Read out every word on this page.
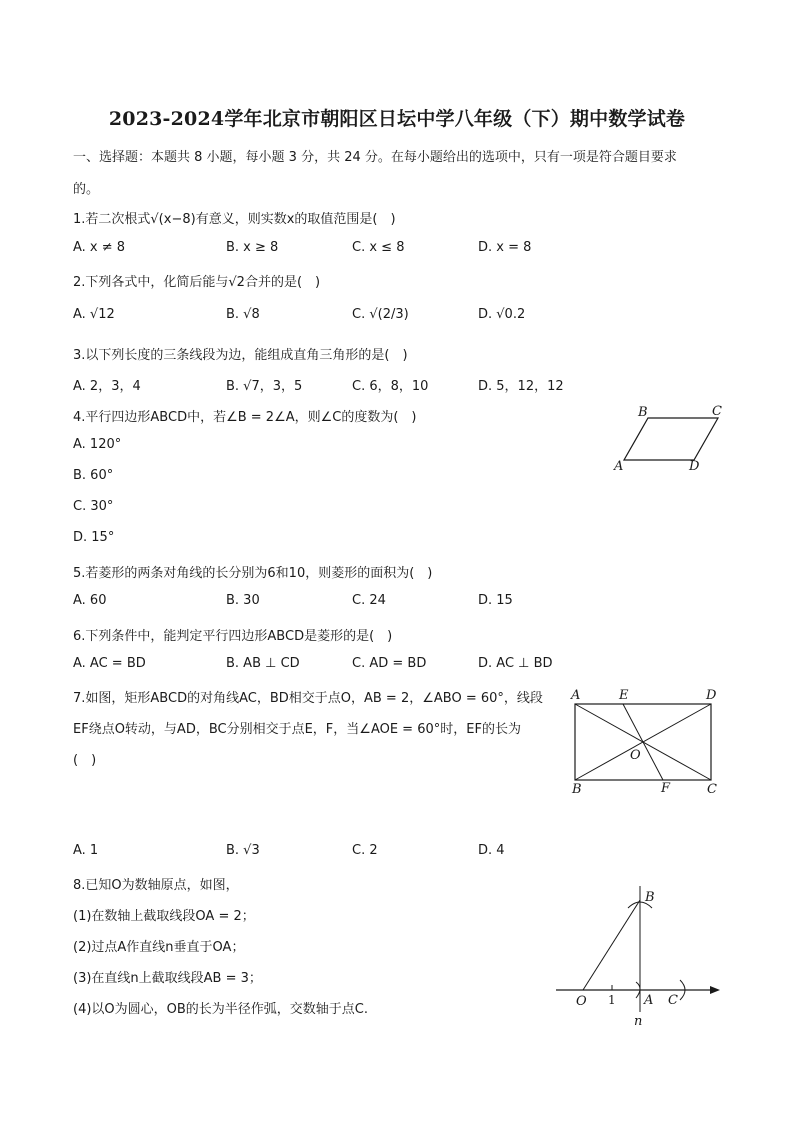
2023-2024学年北京市朝阳区日坛中学八年级（下）期中数学试卷
一、选择题：本题共 8 小题，每小题 3 分，共 24 分。在每小题给出的选项中，只有一项是符合题目要求
的。
1.若二次根式√(x−8)有意义，则实数x的取值范围是(　)
A. x ≠ 8	B. x ≥ 8	C. x ≤ 8	D. x = 8
2.下列各式中，化简后能与√2合并的是(　)
A. √12	B. √8	C. √(2/3)	D. √0.2
3.以下列长度的三条线段为边，能组成直角三角形的是(　)
A. 2，3，4	B. √7，3，5	C. 6，8，10	D. 5，12，12
4.平行四边形ABCD中，若∠B = 2∠A，则∠C的度数为(　)
A. 120°
B. 60°
C. 30°
D. 15°
B	C
A	D
5.若菱形的两条对角线的长分别为6和10，则菱形的面积为(　)
A. 60	B. 30	C. 24	D. 15
6.下列条件中，能判定平行四边形ABCD是菱形的是(　)
A. AC = BD	B. AB ⊥ CD	C. AD = BD	D. AC ⊥ BD
7.如图，矩形ABCD的对角线AC，BD相交于点O，AB = 2，∠ABO = 60°，线段
EF绕点O转动，与AD，BC分别相交于点E，F，当∠AOE = 60°时，EF的长为
(　)
A	E	D
O
B	F	C
A. 1	B. √3	C. 2	D. 4
8.已知O为数轴原点，如图，
(1)在数轴上截取线段OA = 2；
(2)过点A作直线n垂直于OA；
(3)在直线n上截取线段AB = 3；
(4)以O为圆心，OB的长为半径作弧，交数轴于点C.
B
O 1 A C
n
